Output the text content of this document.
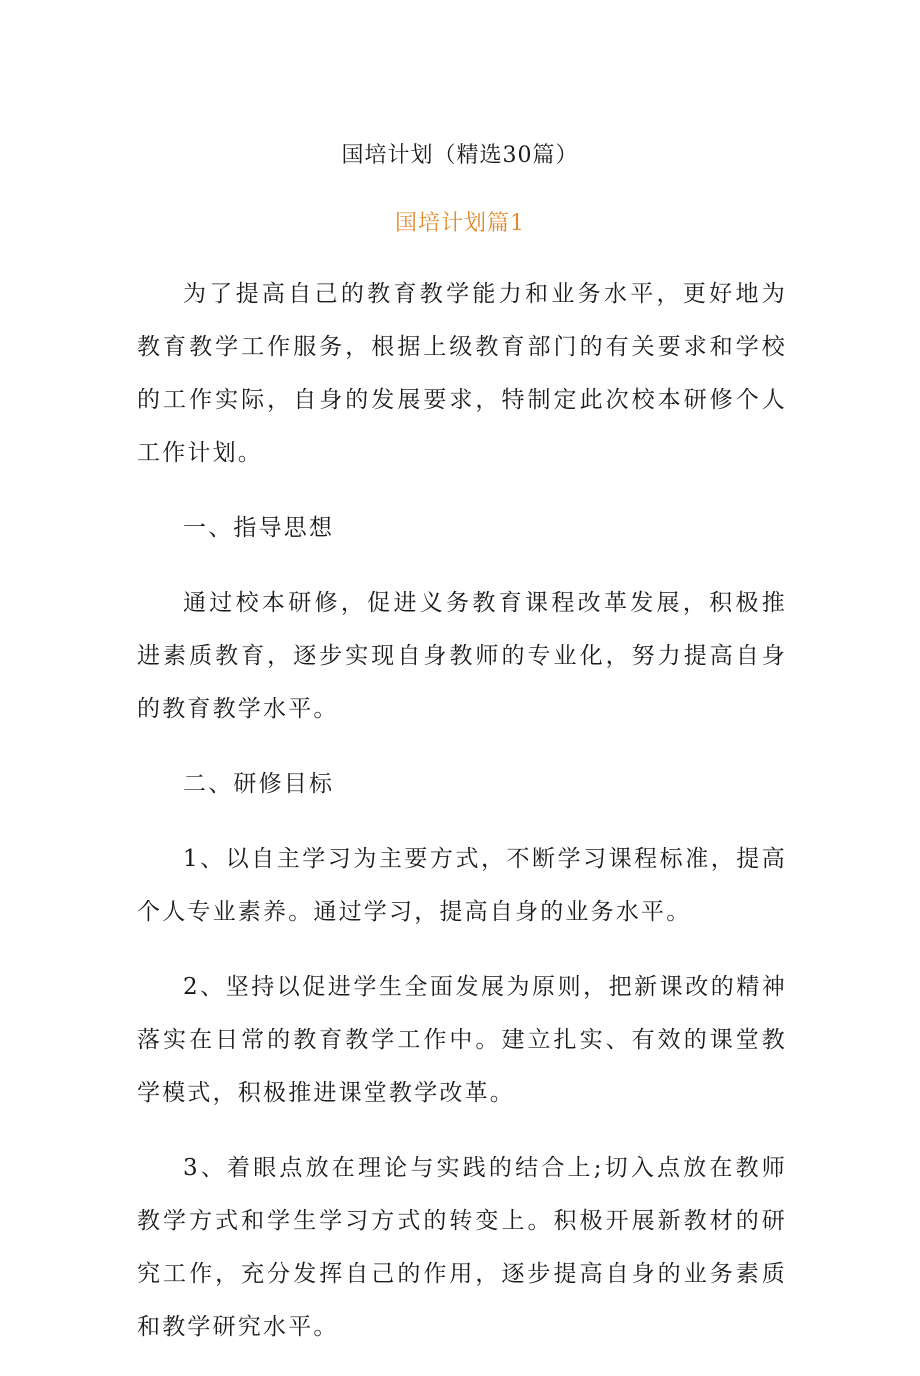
国培计划（精选30篇）
国培计划篇1

为了提高自己的教育教学能力和业务水平，更好地为教育教学工作服务，根据上级教育部门的有关要求和学校的工作实际，自身的发展要求，特制定此次校本研修个人工作计划。

一、指导思想

通过校本研修，促进义务教育课程改革发展，积极推进素质教育，逐步实现自身教师的专业化，努力提高自身的教育教学水平。

二、研修目标

1、以自主学习为主要方式，不断学习课程标准，提高个人专业素养。通过学习，提高自身的业务水平。

2、坚持以促进学生全面发展为原则，把新课改的精神落实在日常的教育教学工作中。建立扎实、有效的课堂教学模式，积极推进课堂教学改革。

3、着眼点放在理论与实践的结合上;切入点放在教师教学方式和学生学习方式的转变上。积极开展新教材的研究工作，充分发挥自己的作用，逐步提高自身的业务素质和教学研究水平。
